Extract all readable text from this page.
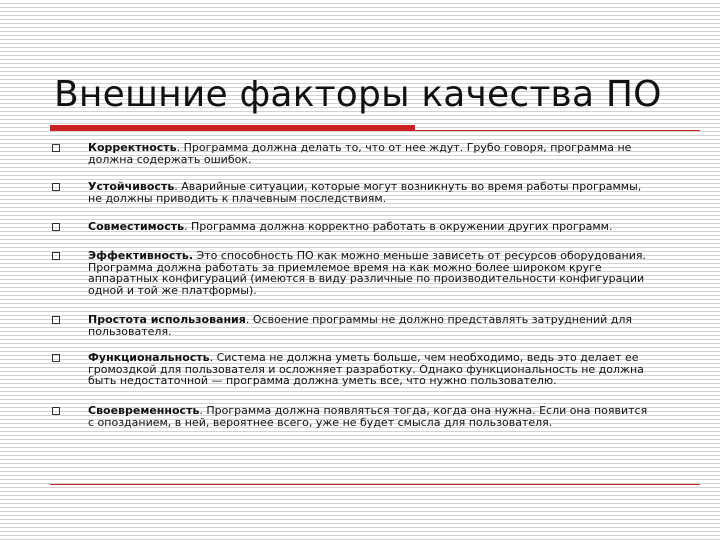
Внешние факторы качества ПО
Корректность. Программа должна делать то, что от нее ждут. Грубо говоря, программа не должна содержать ошибок.
Устойчивость. Аварийные ситуации, которые могут возникнуть во время работы программы, не должны приводить к плачевным последствиям.
Совместимость. Программа должна корректно работать в окружении других программ.
Эффективность. Это способность ПО как можно меньше зависеть от ресурсов оборудования. Программа должна работать за приемлемое время на как можно более широком круге аппаратных конфигураций (имеются в виду различные по производительности конфигурации одной и той же платформы).
Простота использования. Освоение программы не должно представлять затруднений для пользователя.
Функциональность. Система не должна уметь больше, чем необходимо, ведь это делает ее громоздкой для пользователя и осложняет разработку. Однако функциональность не должна быть недостаточной — программа должна уметь все, что нужно пользователю.
Своевременность. Программа должна появляться тогда, когда она нужна. Если она появится с опозданием, в ней, вероятнее всего, уже не будет смысла для пользователя.
